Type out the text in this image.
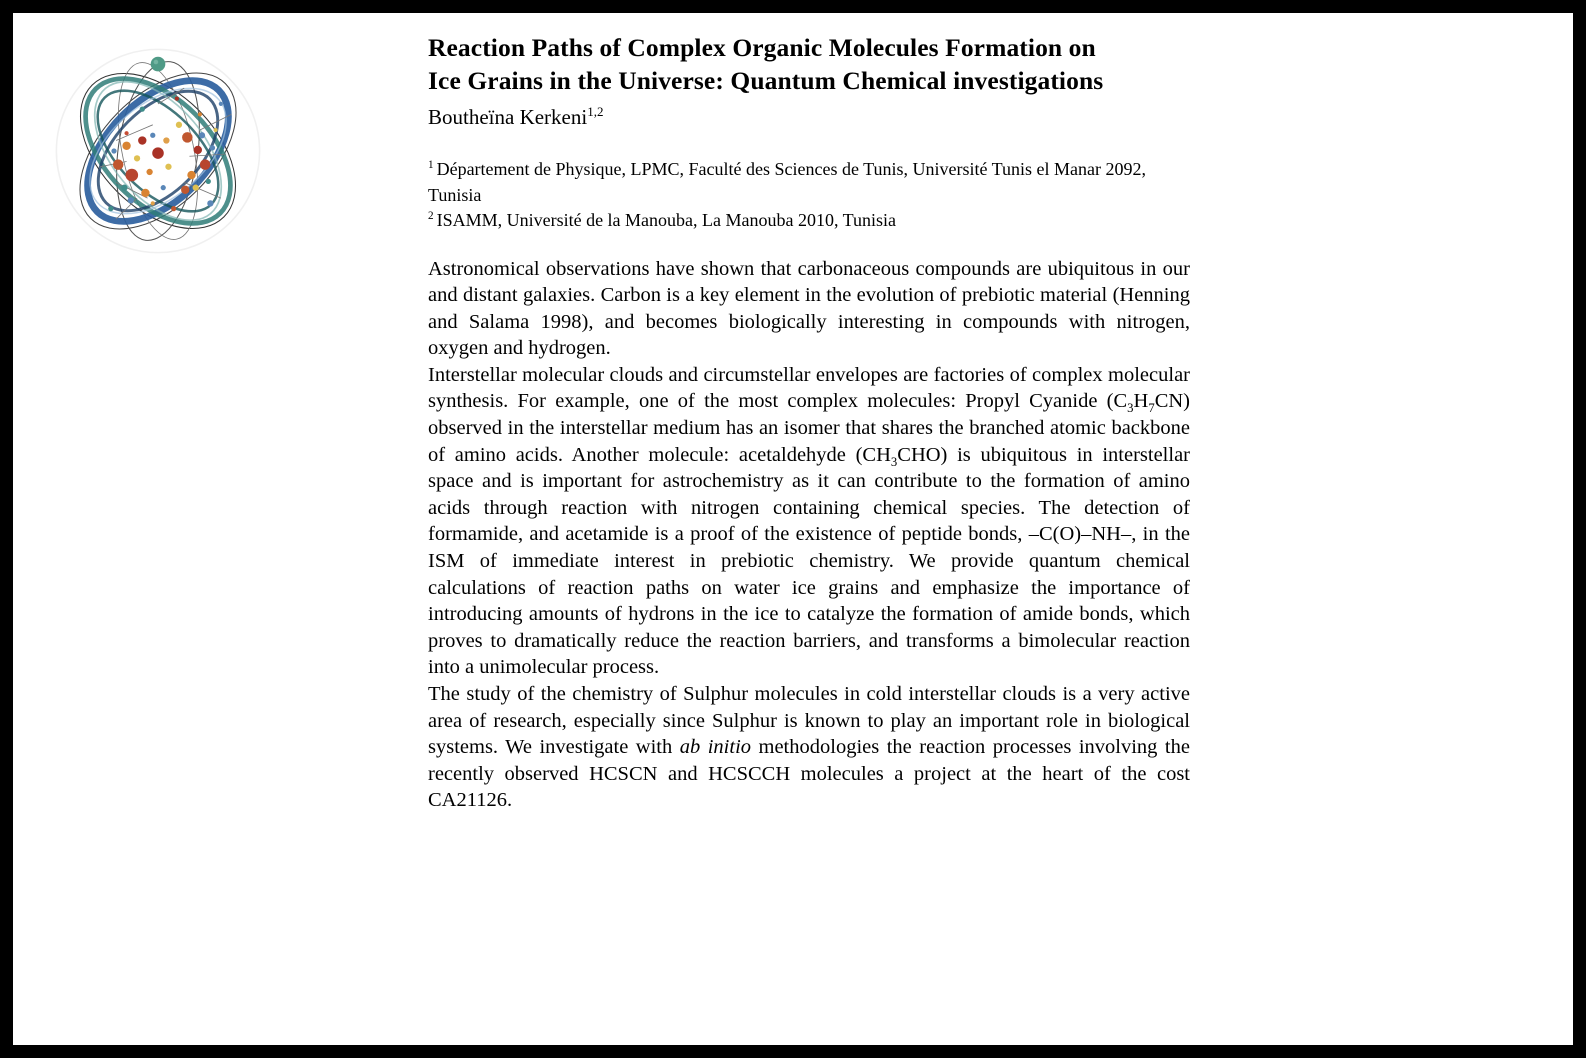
Reaction Paths of Complex Organic Molecules Formation on
Ice Grains in the Universe: Quantum Chemical investigations
Boutheïna Kerkeni$^{1,2}$
$^1$ Département de Physique, LPMC, Faculté des Sciences de Tunis, Université Tunis el Manar 2092, Tunisia
$^2$ ISAMM, Université de la Manouba, La Manouba 2010, Tunisia

Astronomical observations have shown that carbonaceous compounds are ubiquitous in our and distant galaxies. Carbon is a key element in the evolution of prebiotic material (Henning and Salama 1998), and becomes biologically interesting in compounds with nitrogen, oxygen and hydrogen.

Interstellar molecular clouds and circumstellar envelopes are factories of complex molecular synthesis. For example, one of the most complex molecules: Propyl Cyanide $(C_3H_7CN)$ observed in the interstellar medium has an isomer that shares the branched atomic backbone of amino acids. Another molecule: acetaldehyde $(CH_3CHO)$ is ubiquitous in interstellar space and is important for astrochemistry as it can contribute to the formation of amino acids through reaction with nitrogen containing chemical species. The detection of formamide, and acetamide is a proof of the existence of peptide bonds, –C(O)–NH–, in the ISM of immediate interest in prebiotic chemistry. We provide quantum chemical calculations of reaction paths on water ice grains and emphasize the importance of introducing amounts of hydrons in the ice to catalyze the formation of amide bonds, which proves to dramatically reduce the reaction barriers, and transforms a bimolecular reaction into a unimolecular process.

The study of the chemistry of Sulphur molecules in cold interstellar clouds is a very active area of research, especially since Sulphur is known to play an important role in biological systems. We investigate with ab initio methodologies the reaction processes involving the recently observed HCSCN and HCSCCH molecules a project at the heart of the cost CA21126.
